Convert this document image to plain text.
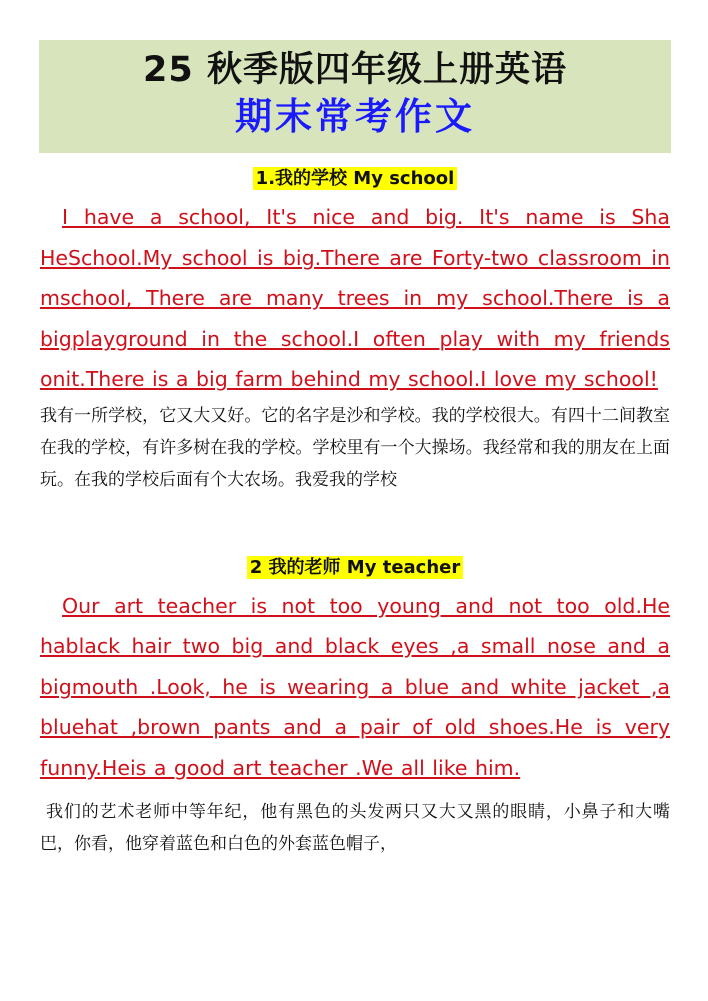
25 秋季版四年级上册英语
期末常考作文
1.我的学校 My school
I have a school, It's nice and big. It's name is Sha HeSchool.My school is big.There are Forty-two classroom in mschool, There are many trees in my school.There is a bigplayground in the school.I often play with my friends onit.There is a big farm behind my school.I love my school!
我有一所学校，它又大又好。它的名字是沙和学校。我的学校很大。有四十二间教室在我的学校，有许多树在我的学校。学校里有一个大操场。我经常和我的朋友在上面玩。在我的学校后面有个大农场。我爱我的学校
2 我的老师 My teacher
Our art teacher is not too young and not too old.He hablack hair two big and black eyes ,a small nose and a bigmouth .Look, he is wearing a blue and white jacket ,a bluehat ,brown pants and a pair of old shoes.He is very funny.Heis a good art teacher .We all like him.
我们的艺术老师中等年纪，他有黑色的头发两只又大又黑的眼睛，小鼻子和大嘴巴，你看，他穿着蓝色和白色的外套蓝色帽子，
